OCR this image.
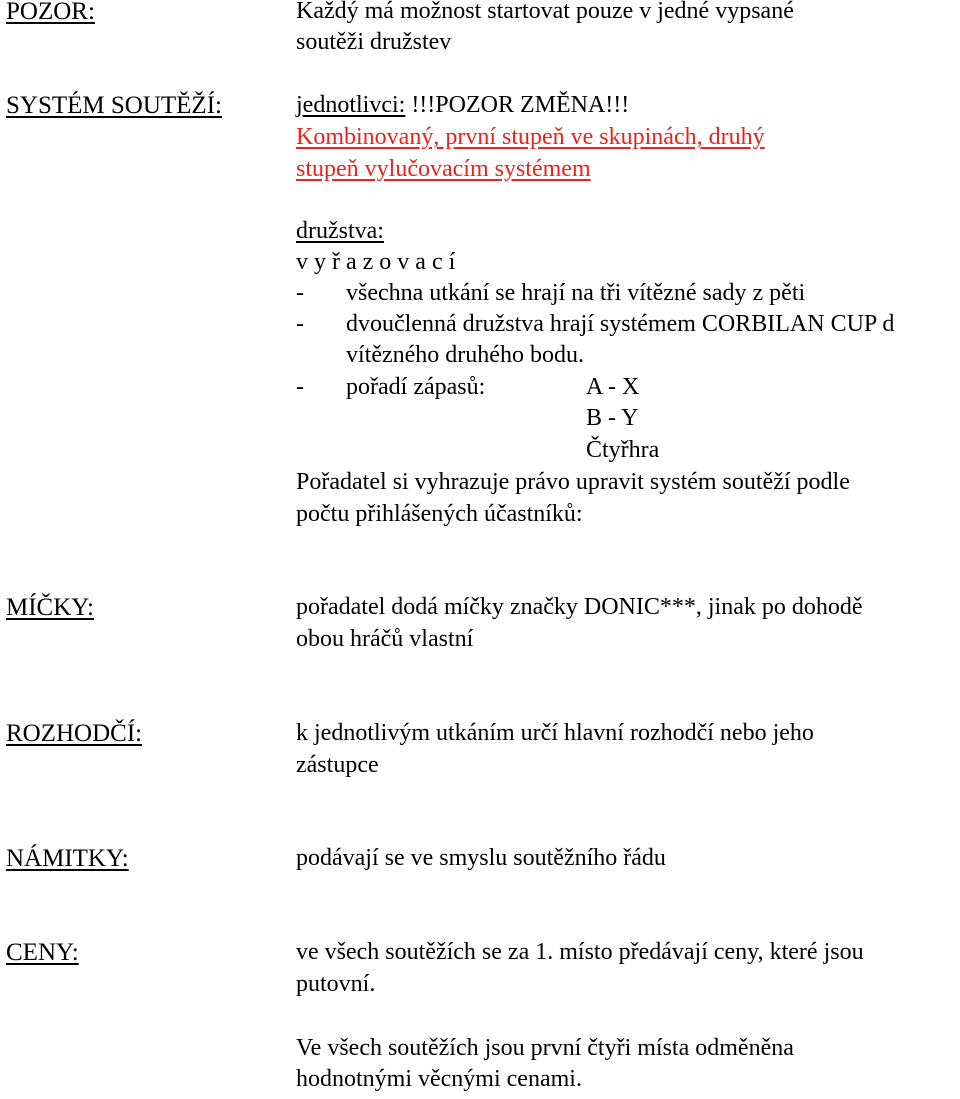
POZOR:	Každý má možnost startovat pouze v jedné vypsané
soutěži družstev
SYSTÉM SOUTĚŽÍ:	jednotlivci: !!!POZOR ZMĚNA!!!
Kombinovaný, první stupeň ve skupinách, druhý
stupeň vylučovacím systémem
družstva:
v y ř a z o v a c í
- všechna utkání se hrají na tři vítězné sady z pěti
- dvoučlenná družstva hrají systémem CORBILAN CUP d
vítězného druhého bodu.
- pořadí zápasů:	A - X
B - Y
Čtyřhra
Pořadatel si vyhrazuje právo upravit systém soutěží podle
počtu přihlášených účastníků:
MÍČKY:	pořadatel dodá míčky značky DONIC***, jinak po dohodě
obou hráčů vlastní
ROZHODČÍ:	k jednotlivým utkáním určí hlavní rozhodčí nebo jeho
zástupce
NÁMITKY:	podávají se ve smyslu soutěžního řádu
CENY:	ve všech soutěžích se za 1. místo předávají ceny, které jsou
putovní.
Ve všech soutěžích jsou první čtyři místa odměněna
hodnotnými věcnými cenami.
